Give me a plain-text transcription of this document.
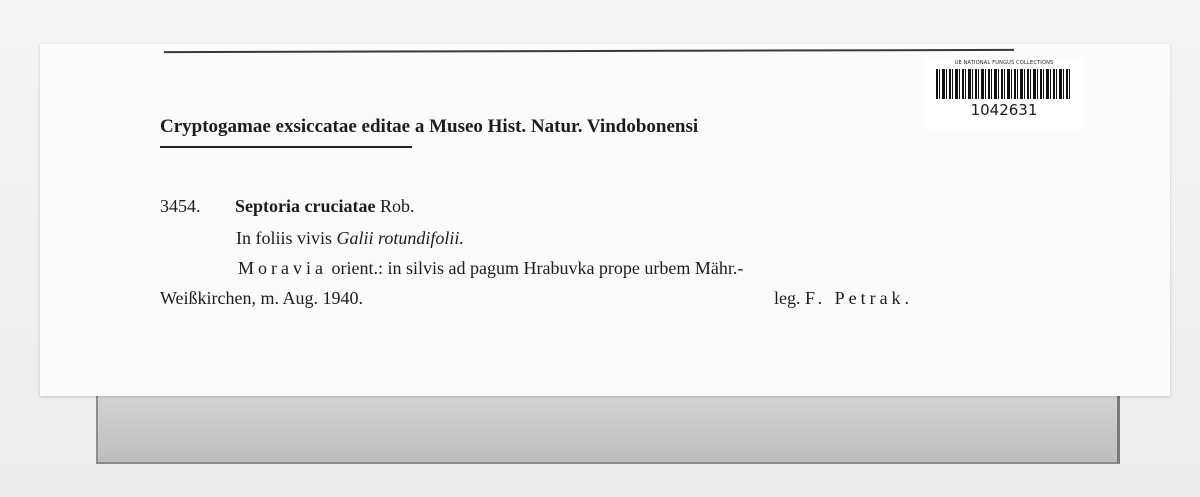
UE NATIONAL FUNGUS COLLECTIONS
1042631
Cryptogamae exsiccatae editae a Museo Hist. Natur. Vindobonensi
3454. Septoria cruciatae Rob.
In foliis vivis Galii rotundifolii.
Moravia orient.: in silvis ad pagum Hrabuvka prope urbem Mähr.-
Weißkirchen, m. Aug. 1940.	leg. F. Petrak.
